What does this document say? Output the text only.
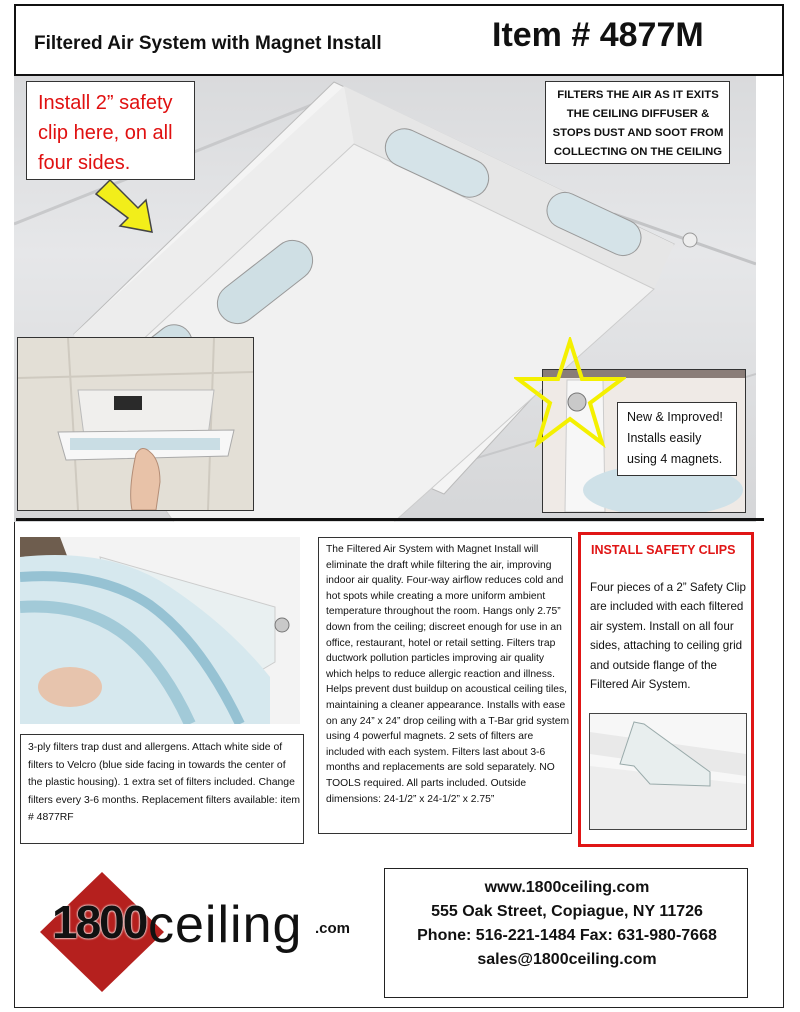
Filtered Air System with Magnet Install	Item # 4877M
Install 2” safety clip here, on all four sides.
FILTERS THE AIR AS IT EXITS THE CEILING DIFFUSER & STOPS DUST AND SOOT FROM COLLECTING ON THE CEILING
New & Improved! Installs easily using 4 magnets.
3-ply filters trap dust and allergens. Attach white side of filters to Velcro (blue side facing in towards the center of the plastic housing). 1 extra set of filters included. Change filters every 3-6 months. Replacement filters available: item # 4877RF
The Filtered Air System with Magnet Install will eliminate the draft while filtering the air, improving indoor air quality. Four-way airflow reduces cold and hot spots while creating a more uniform ambient temperature throughout the room. Hangs only 2.75” down from the ceiling; discreet enough for use in an office, restaurant, hotel or retail setting. Filters trap ductwork pollution particles improving air quality which helps to reduce allergic reaction and illness. Helps prevent dust buildup on acoustical ceiling tiles, maintaining a cleaner appearance. Installs with ease on any 24” x 24” drop ceiling with a T-Bar grid system using 4 powerful magnets. 2 sets of filters are included with each system. Filters last about 3-6 months and replacements are sold separately. NO TOOLS required. All parts included. Outside dimensions: 24-1/2” x 24-1/2” x 2.75”
INSTALL SAFETY CLIPS
Four pieces of a 2” Safety Clip are included with each filtered air system. Install on all four sides, attaching to ceiling grid and outside flange of the Filtered Air System.
1800 ceiling .com
www.1800ceiling.com
555 Oak Street, Copiague, NY 11726
Phone: 516-221-1484 Fax: 631-980-7668
sales@1800ceiling.com
